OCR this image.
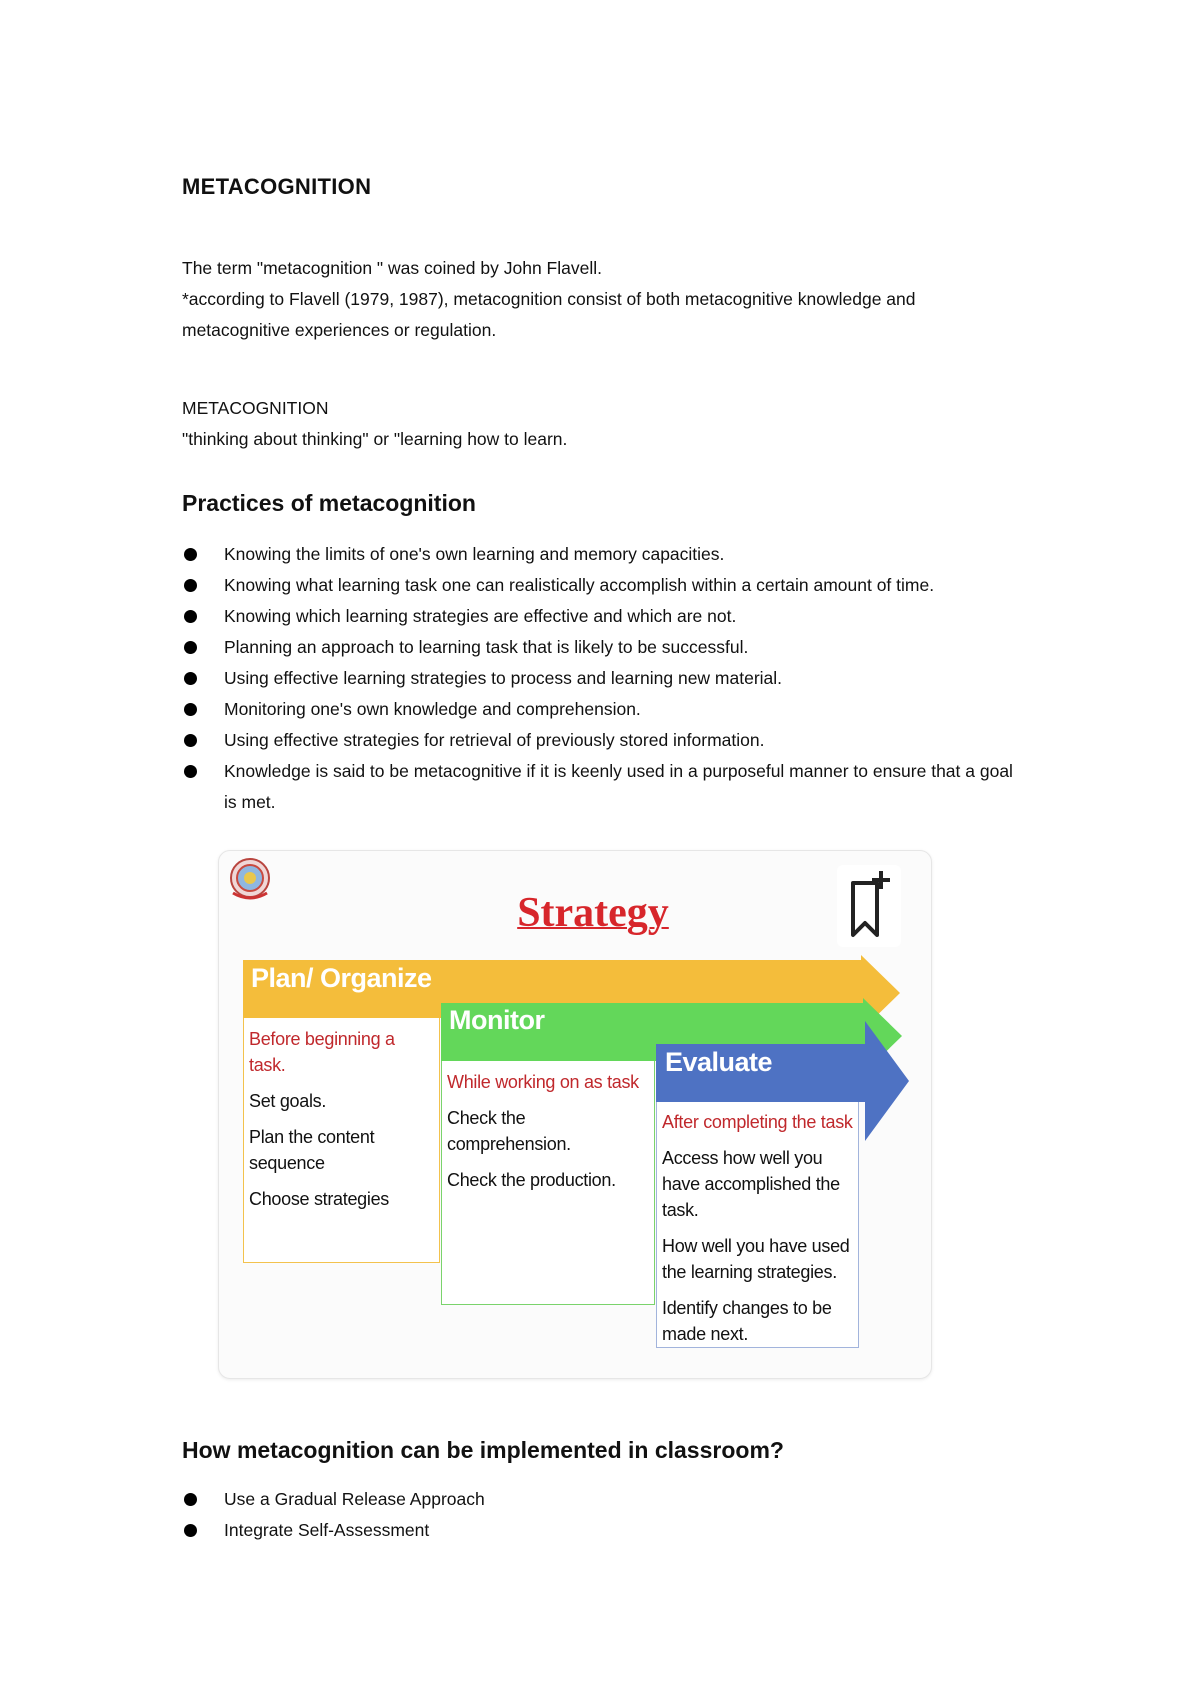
METACOGNITION
The term "metacognition " was coined by John Flavell.
*according to Flavell (1979, 1987), metacognition consist of both metacognitive knowledge and metacognitive experiences or regulation.
METACOGNITION
"thinking about thinking" or "learning how to learn.
Practices of metacognition
Knowing the limits of one's own learning and memory capacities.
Knowing what learning task one can realistically accomplish within a certain amount of time.
Knowing which learning strategies are effective and which are not.
Planning an approach to learning task that is likely to be successful.
Using effective learning strategies to process and learning new material.
Monitoring one's own knowledge and comprehension.
Using effective strategies for retrieval of previously stored information.
Knowledge is said to be metacognitive if it is keenly used in a purposeful manner to ensure that a goal is met.
Strategy
Plan/ Organize
Monitor
Evaluate

Before beginning a task.

Set goals.

Plan the content sequence

Choose strategies

While working on as task

Check the comprehension.

Check the production.

After completing the task

Access how well you have accomplished the task.

How well you have used the learning strategies.

Identify changes to be made next.

How metacognition can be implemented in classroom?
Use a Gradual Release Approach
Integrate Self-Assessment
